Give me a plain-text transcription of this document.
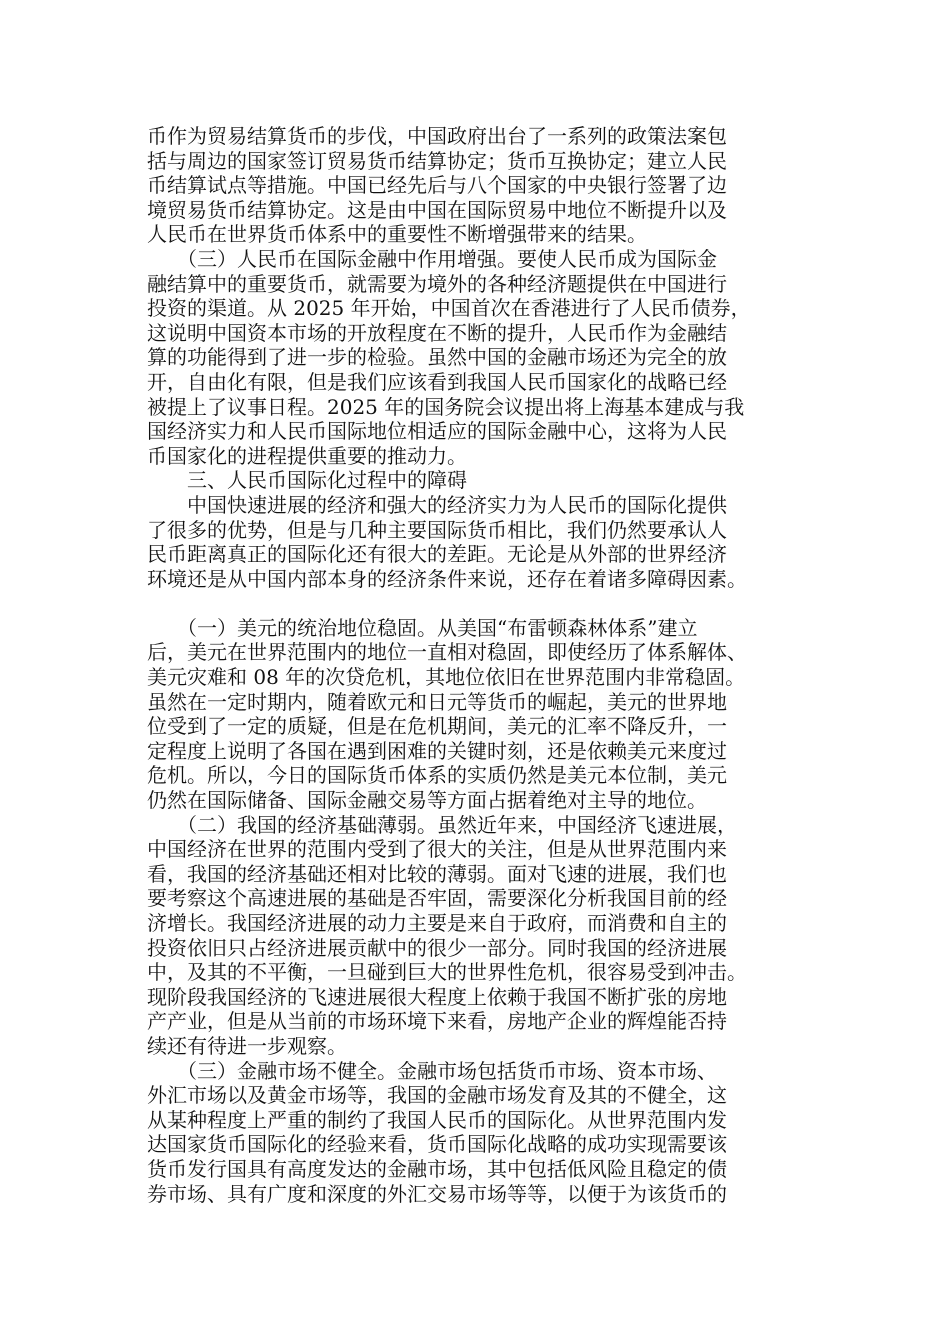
币作为贸易结算货币的步伐，中国政府出台了一系列的政策法案包
括与周边的国家签订贸易货币结算协定；货币互换协定；建立人民
币结算试点等措施。中国已经先后与八个国家的中央银行签署了边
境贸易货币结算协定。这是由中国在国际贸易中地位不断提升以及
人民币在世界货币体系中的重要性不断增强带来的结果。
　　（三）人民币在国际金融中作用增强。要使人民币成为国际金
融结算中的重要货币，就需要为境外的各种经济题提供在中国进行
投资的渠道。从 2025 年开始，中国首次在香港进行了人民币债券，
这说明中国资本市场的开放程度在不断的提升，人民币作为金融结
算的功能得到了进一步的检验。虽然中国的金融市场还为完全的放
开，自由化有限，但是我们应该看到我国人民币国家化的战略已经
被提上了议事日程。2025 年的国务院会议提出将上海基本建成与我
国经济实力和人民币国际地位相适应的国际金融中心，这将为人民
币国家化的进程提供重要的推动力。
　　三、人民币国际化过程中的障碍
　　中国快速进展的经济和强大的经济实力为人民币的国际化提供
了很多的优势，但是与几种主要国际货币相比，我们仍然要承认人
民币距离真正的国际化还有很大的差距。无论是从外部的世界经济
环境还是从中国内部本身的经济条件来说，还存在着诸多障碍因素。
　　（一）美元的统治地位稳固。从美国“布雷顿森林体系”建立
后，美元在世界范围内的地位一直相对稳固，即使经历了体系解体、
美元灾难和 08 年的次贷危机，其地位依旧在世界范围内非常稳固。
虽然在一定时期内，随着欧元和日元等货币的崛起，美元的世界地
位受到了一定的质疑，但是在危机期间，美元的汇率不降反升，一
定程度上说明了各国在遇到困难的关键时刻，还是依赖美元来度过
危机。所以，今日的国际货币体系的实质仍然是美元本位制，美元
仍然在国际储备、国际金融交易等方面占据着绝对主导的地位。
　　（二）我国的经济基础薄弱。虽然近年来，中国经济飞速进展，
中国经济在世界的范围内受到了很大的关注，但是从世界范围内来
看，我国的经济基础还相对比较的薄弱。面对飞速的进展，我们也
要考察这个高速进展的基础是否牢固，需要深化分析我国目前的经
济增长。我国经济进展的动力主要是来自于政府，而消费和自主的
投资依旧只占经济进展贡献中的很少一部分。同时我国的经济进展
中，及其的不平衡，一旦碰到巨大的世界性危机，很容易受到冲击。
现阶段我国经济的飞速进展很大程度上依赖于我国不断扩张的房地
产产业，但是从当前的市场环境下来看，房地产企业的辉煌能否持
续还有待进一步观察。
　　（三）金融市场不健全。金融市场包括货币市场、资本市场、
外汇市场以及黄金市场等，我国的金融市场发育及其的不健全，这
从某种程度上严重的制约了我国人民币的国际化。从世界范围内发
达国家货币国际化的经验来看，货币国际化战略的成功实现需要该
货币发行国具有高度发达的金融市场，其中包括低风险且稳定的债
券市场、具有广度和深度的外汇交易市场等等，以便于为该货币的
